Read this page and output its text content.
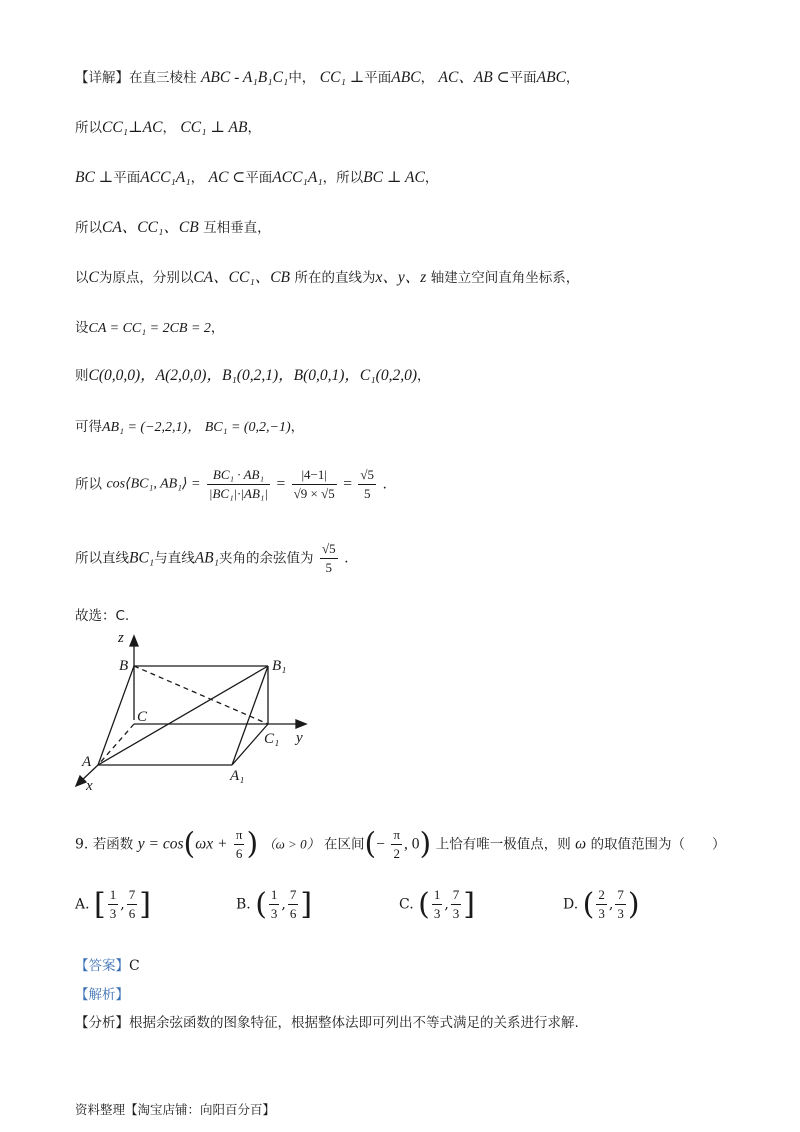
【详解】在直三棱柱 ABC - A₁B₁C₁中， CC₁ ⊥平面ABC， AC、AB ⊂平面ABC，
所以CC₁⊥AC， CC₁ ⊥ AB，
BC ⊥平面ACC₁A₁， AC ⊂平面ACC₁A₁，所以BC ⊥ AC，
所以CA、CC₁、CB 互相垂直，
以C为原点，分别以CA、CC₁、CB 所在的直线为x、y、z 轴建立空间直角坐标系，
设CA = CC₁ = 2CB = 2，
则C(0,0,0)，A(2,0,0)，B₁(0,2,1)，B(0,0,1)，C₁(0,2,0)，
可得AB₁ = (−2,2,1)， BC₁ = (0,2,−1)，
所以 cos⟨BC₁, AB₁⟩ = $\frac{\text{BC₁ · AB₁}}{\text{|BC₁|·|AB₁|}} = \frac{|4-1|}{√9 \times √5} = \frac{√5}{5}$ .
所以直线BC₁与直线AB₁夹角的余弦值为 $\frac{√5}{5}$ .
故选：C.
z
B	B₁
C
C₁ y
A
A₁
x
9. 若函数 $y = \cos(\omega x + \frac{\pi}{6}$ ) （ω > 0） 在区间(− $\frac{\pi}{2}$ , 0) 上恰有唯一极值点，则 ω 的取值范围为（　　）
A. [ $\frac{1}{3}$ , $\frac{7}{6}$ ]	B. ( $\frac{1}{3}$ , $\frac{7}{6}$ ]	C. ( $\frac{1}{3}$ , $\frac{7}{3}$ ]	D. ( $\frac{2}{3}$ , $\frac{7}{3}$ )
【答案】C
【解析】
【分析】根据余弦函数的图象特征，根据整体法即可列出不等式满足的关系进行求解.
资料整理【淘宝店铺：向阳百分百】
